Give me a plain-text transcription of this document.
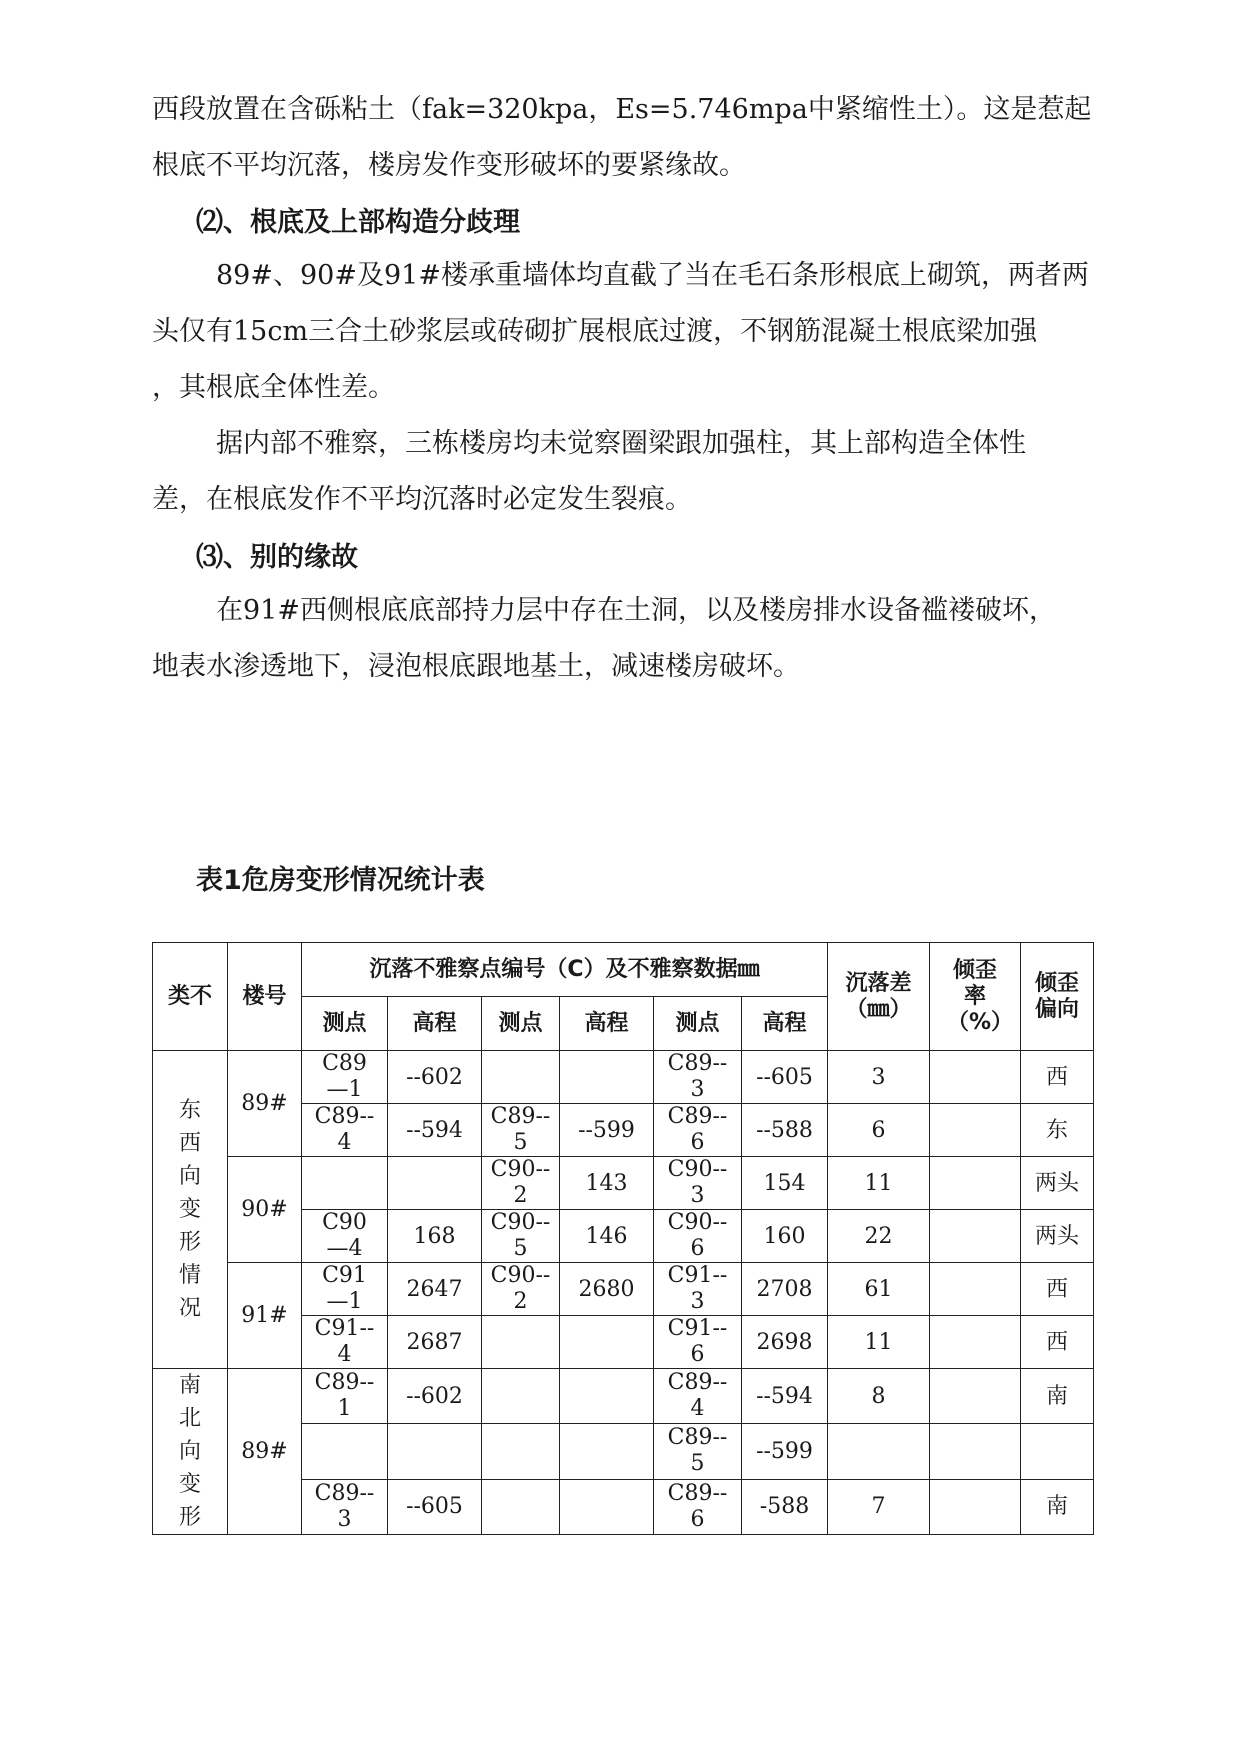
西段放置在含砾粘土（fak=320kpa，Es=5.746mpa中紧缩性土）。这是惹起
根底不平均沉落，楼房发作变形破坏的要紧缘故。

⑵、根底及上部构造分歧理

89#、90#及91#楼承重墙体均直截了当在毛石条形根底上砌筑，两者两
头仅有15cm三合土砂浆层或砖砌扩展根底过渡，不钢筋混凝土根底梁加强
，其根底全体性差。

据内部不雅察，三栋楼房均未觉察圈梁跟加强柱，其上部构造全体性
差，在根底发作不平均沉落时必定发生裂痕。

⑶、别的缘故

在91#西侧根底底部持力层中存在土洞，以及楼房排水设备褴褛破坏，
地表水渗透地下，浸泡根底跟地基土，减速楼房破坏。

表1危房变形情况统计表

类不	楼号	沉落不雅察点编号（C）及不雅察数据㎜						沉落差（㎜）	倾歪率（%）	倾歪偏向
		测点	高程	测点	高程	测点	高程			
东西向变形情况	89#	C89—1	--602			C89--3	--605	3		西
		C89--4	--594	C89--5	--599	C89--6	--588	6		东
	90#			C90--2	143	C90--3	154	11		两头
		C90—4	168	C90--5	146	C90--6	160	22		两头
	91#	C91—1	2647	C90--2	2680	C91--3	2708	61		西
		C91--4	2687			C91--6	2698	11		西
南北向变形	89#	C89--1	--602			C89--4	--594	8		南
						C89--5	--599			
		C89--3	--605			C89--6	-588	7		南
